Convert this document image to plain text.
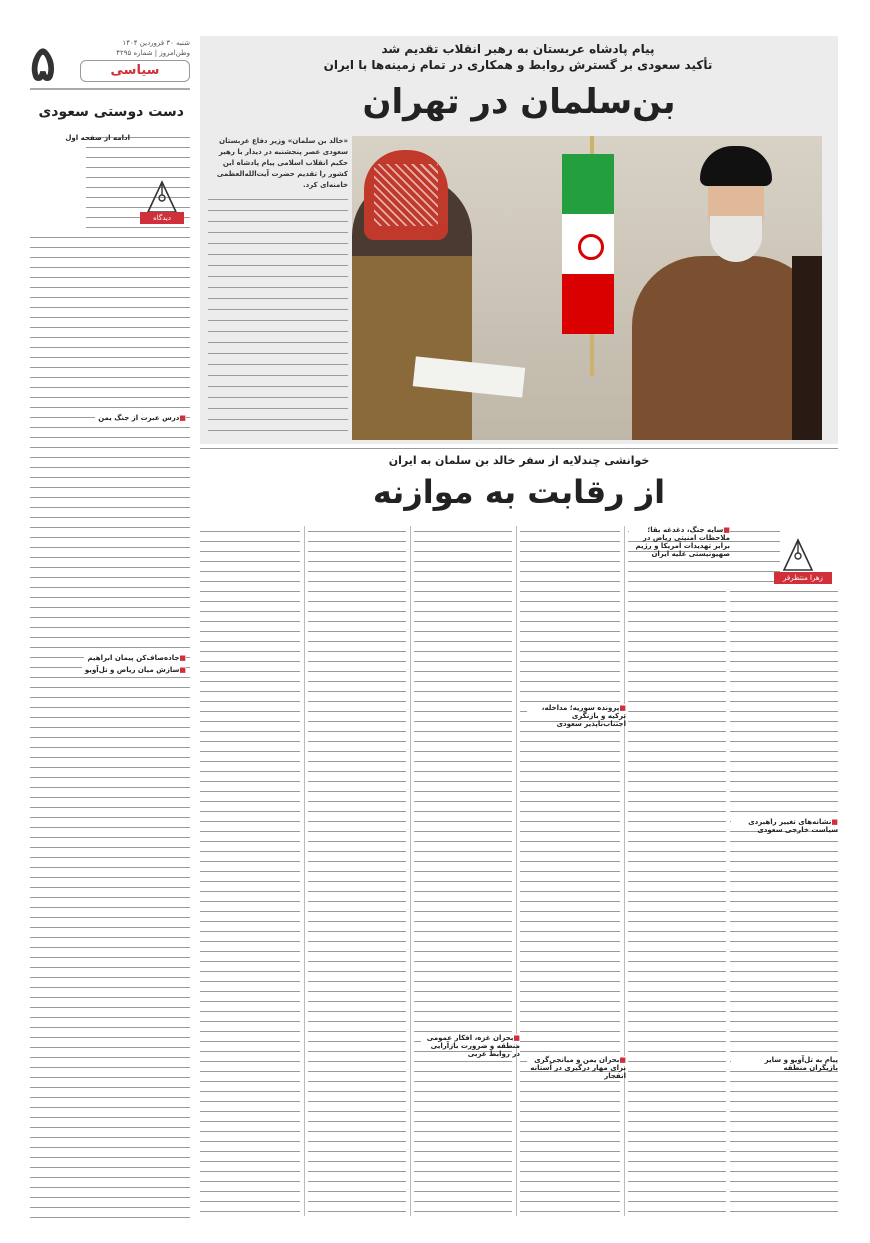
۵	شنبه ۳۰ فروردین ۱۴۰۴
وطن‌امروز | شماره ۴۲۹۵
سیاسی
دست دوستی سعودی
ادامه از صفحه اول
دیدگاه
■ درس عبرت از جنگ یمن
■ جاده‌صاف‌کن پیمان ابراهیم
■ سازش میان ریاض و تل‌آویو
پیام پادشاه عربستان به رهبر انقلاب تقدیم شد
تأکید سعودی بر گسترش روابط و همکاری در تمام زمینه‌ها با ایران
بن‌سلمان در تهران
«خالد بن سلمان» وزیر دفاع عربستان سعودی عصر پنجشنبه در دیدار با رهبر حکیم انقلاب اسلامی پیام پادشاه این کشور را تقدیم حضرت آیت‌الله‌العظمی خامنه‌ای کرد.
خوانشی چندلایه از سفر خالد بن سلمان به ایران
از رقابت به موازنه
زهرا منتظرفر
■ سایه جنگ، دغدغه بقا؛ ملاحظات امنیتی ریاض در برابر تهدیدات آمریکا و رژیم صهیونیستی علیه ایران
■ پرونده سوریه؛ مداخله، ترکیه و بازنگری اجتناب‌ناپذیر سعودی
■ بحران غزه، افکار عمومی منطقه و ضرورت بازآرایی در روابط عربی
■ بحران یمن و میانجی‌گری برای مهار درگیری در آستانه انفجار
پیام به تل‌آویو و سایر بازیگران منطقه
■ نشانه‌های تغییر راهبردی سیاست خارجی سعودی
